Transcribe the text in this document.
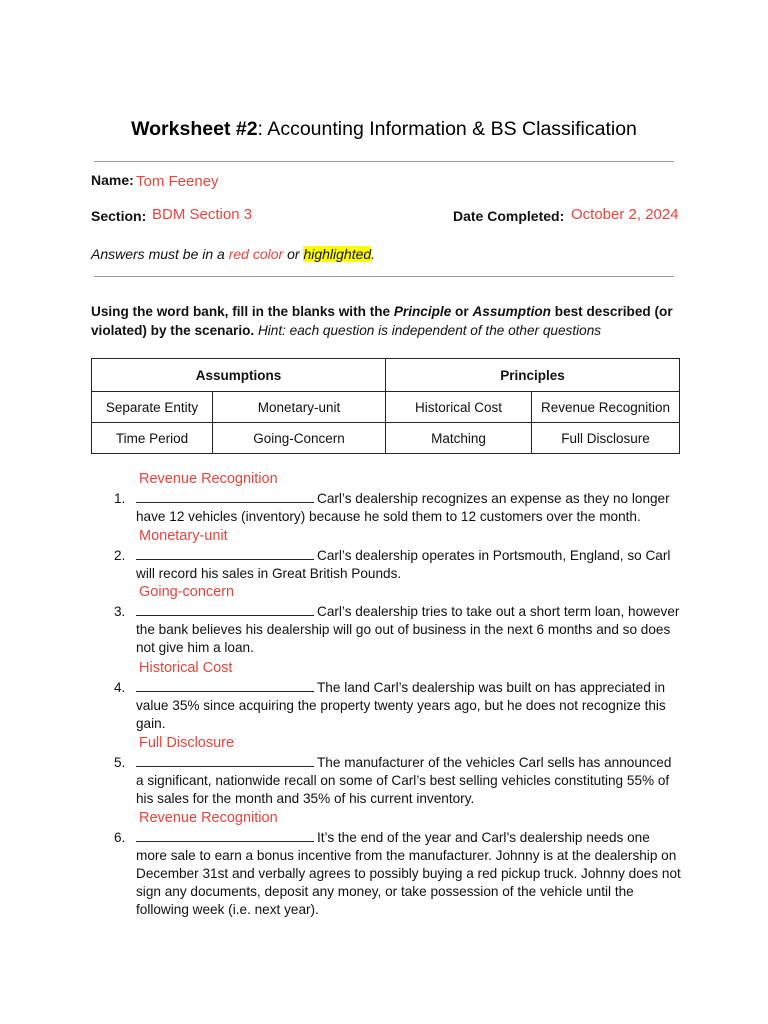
Worksheet #2: Accounting Information & BS Classification
Name: Tom Feeney
Section: BDM Section 3	Date Completed: October 2, 2024
Answers must be in a red color or highlighted.
Using the word bank, fill in the blanks with the Principle or Assumption best described (or violated) by the scenario. Hint: each question is independent of the other questions
Assumptions		Principles	
Separate Entity	Monetary-unit	Historical Cost	Revenue Recognition
Time Period	Going-Concern	Matching	Full Disclosure
1.
Revenue Recognition
Carl’s dealership recognizes an expense as they no longer have 12 vehicles (inventory) because he sold them to 12 customers over the month.
2.
Monetary-unit
Carl’s dealership operates in Portsmouth, England, so Carl will record his sales in Great British Pounds.
3.
Going-concern
Carl’s dealership tries to take out a short term loan, however the bank believes his dealership will go out of business in the next 6 months and so does not give him a loan.
4.
Historical Cost
The land Carl’s dealership was built on has appreciated in value 35% since acquiring the property twenty years ago, but he does not recognize this gain.
5.
Full Disclosure
The manufacturer of the vehicles Carl sells has announced a significant, nationwide recall on some of Carl’s best selling vehicles constituting 55% of his sales for the month and 35% of his current inventory.
6.
Revenue Recognition
It’s the end of the year and Carl’s dealership needs one more sale to earn a bonus incentive from the manufacturer. Johnny is at the dealership on December 31st and verbally agrees to possibly buying a red pickup truck. Johnny does not sign any documents, deposit any money, or take possession of the vehicle until the following week (i.e. next year).
